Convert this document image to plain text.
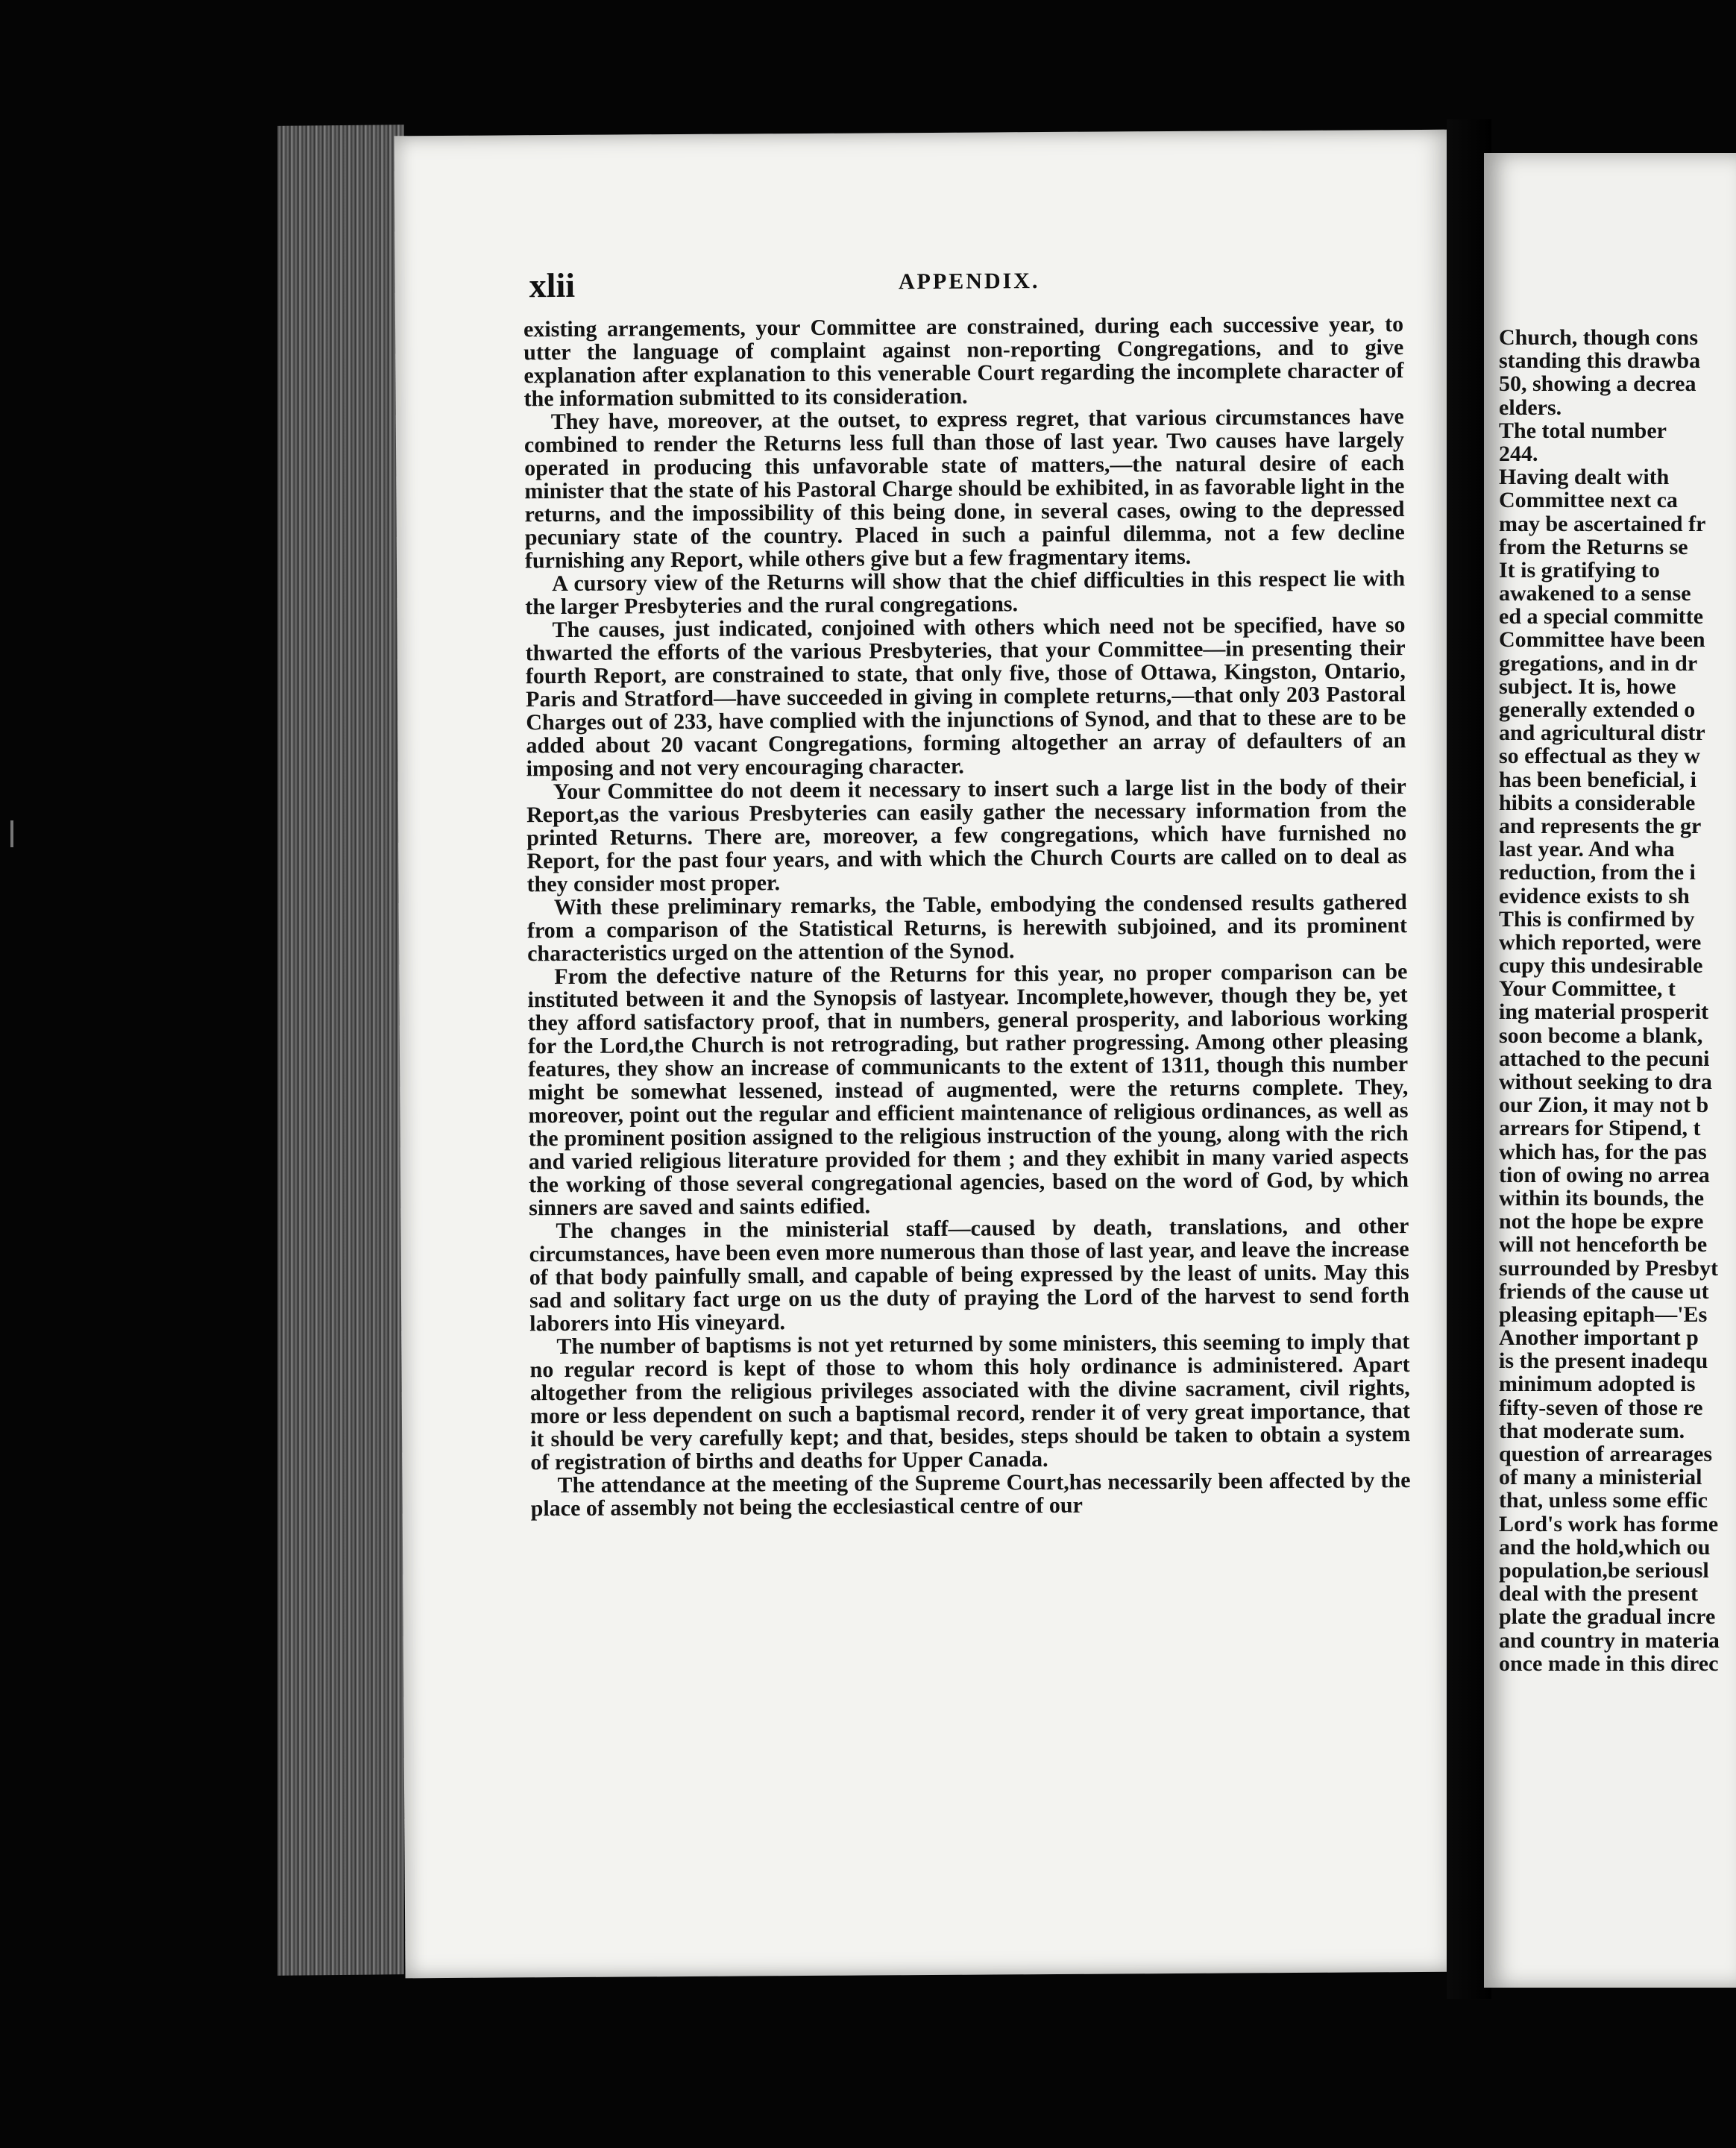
xlii	APPENDIX.

existing arrangements, your Committee are constrained, during each successive year, to utter the language of complaint against non-reporting Congregations, and to give explanation after explanation to this venerable Court regarding the incomplete character of the information submitted to its consideration.

They have, moreover, at the outset, to express regret, that various circumstances have combined to render the Returns less full than those of last year. Two causes have largely operated in producing this unfavorable state of matters,—the natural desire of each minister that the state of his Pastoral Charge should be exhibited, in as favorable light in the returns, and the impossibility of this being done, in several cases, owing to the depressed pecuniary state of the country. Placed in such a painful dilemma, not a few decline furnishing any Report, while others give but a few fragmentary items.

A cursory view of the Returns will show that the chief difficulties in this respect lie with the larger Presbyteries and the rural congregations.

The causes, just indicated, conjoined with others which need not be specified, have so thwarted the efforts of the various Presbyteries, that your Committee—in presenting their fourth Report, are constrained to state, that only five, those of Ottawa, Kingston, Ontario, Paris and Stratford—have succeeded in giving in complete returns,—that only 203 Pastoral Charges out of 233, have complied with the injunctions of Synod, and that to these are to be added about 20 vacant Congregations, forming altogether an array of defaulters of an imposing and not very encouraging character.

Your Committee do not deem it necessary to insert such a large list in the body of their Report,as the various Presbyteries can easily gather the necessary information from the printed Returns. There are, moreover, a few congregations, which have furnished no Report, for the past four years, and with which the Church Courts are called on to deal as they consider most proper.

With these preliminary remarks, the Table, embodying the condensed results gathered from a comparison of the Statistical Returns, is herewith subjoined, and its prominent characteristics urged on the attention of the Synod.

From the defective nature of the Returns for this year, no proper comparison can be instituted between it and the Synopsis of lastyear. Incomplete,however, though they be, yet they afford satisfactory proof, that in numbers, general prosperity, and laborious working for the Lord,the Church is not retrograding, but rather progressing. Among other pleasing features, they show an increase of communicants to the extent of 1311, though this number might be somewhat lessened, instead of augmented, were the returns complete. They, moreover, point out the regular and efficient maintenance of religious ordinances, as well as the prominent position assigned to the religious instruction of the young, along with the rich and varied religious literature provided for them ; and they exhibit in many varied aspects the working of those several congregational agencies, based on the word of God, by which sinners are saved and saints edified.

The changes in the ministerial staff—caused by death, translations, and other circumstances, have been even more numerous than those of last year, and leave the increase of that body painfully small, and capable of being expressed by the least of units. May this sad and solitary fact urge on us the duty of praying the Lord of the harvest to send forth laborers into His vineyard.

The number of baptisms is not yet returned by some ministers, this seeming to imply that no regular record is kept of those to whom this holy ordinance is administered. Apart altogether from the religious privileges associated with the divine sacrament, civil rights, more or less dependent on such a baptismal record, render it of very great importance, that it should be very carefully kept; and that, besides, steps should be taken to obtain a system of registration of births and deaths for Upper Canada.

The attendance at the meeting of the Supreme Court,has necessarily been affected by the place of assembly not being the ecclesiastical centre of our

Church, though cons
standing this drawba
50, showing a decrea
elders.
The total number
244.
Having dealt with
Committee next ca
may be ascertained fr
from the Returns se
It is gratifying to
awakened to a sense
ed a special committe
Committee have been
gregations, and in dr
subject. It is, howe
generally extended o
and agricultural distr
so effectual as they w
has been beneficial, i
hibits a considerable
and represents the gr
last year. And wha
reduction, from the i
evidence exists to sh
This is confirmed by
which reported, were
cupy this undesirable
Your Committee, t
ing material prosperit
soon become a blank,
attached to the pecuni
without seeking to dra
our Zion, it may not b
arrears for Stipend, t
which has, for the pas
tion of owing no arrea
within its bounds, the
not the hope be expre
will not henceforth be
surrounded by Presbyt
friends of the cause ut
pleasing epitaph—'Es
Another important p
is the present inadequ
minimum adopted is
fifty-seven of those re
that moderate sum.
question of arrearages
of many a ministerial
that, unless some effic
Lord's work has forme
and the hold,which ou
population,be seriousl
deal with the present
plate the gradual incre
and country in materia
once made in this direc
